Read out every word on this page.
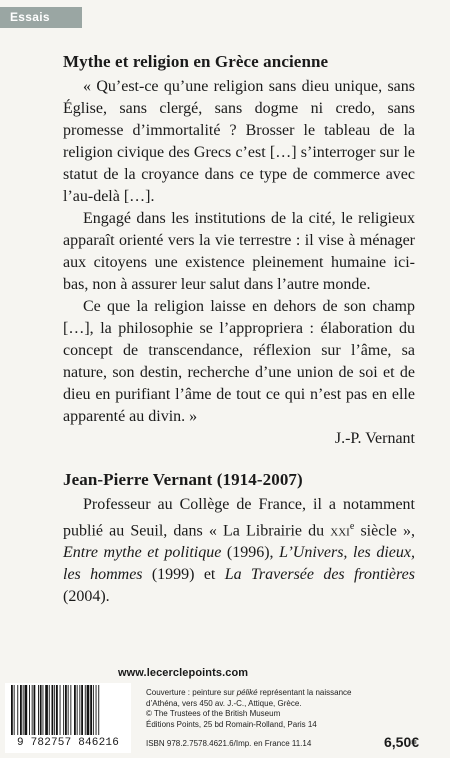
Essais
Mythe et religion en Grèce ancienne

« Qu’est-ce qu’une religion sans dieu unique, sans Église, sans clergé, sans dogme ni credo, sans promesse d’immortalité ? Brosser le tableau de la religion civique des Grecs c’est […] s’interroger sur le statut de la croyance dans ce type de commerce avec l’au-delà […].

Engagé dans les institutions de la cité, le religieux apparaît orienté vers la vie terrestre : il vise à ménager aux citoyens une existence pleinement humaine ici-bas, non à assurer leur salut dans l’autre monde.

Ce que la religion laisse en dehors de son champ […], la philosophie se l’appropriera : élaboration du concept de transcendance, réflexion sur l’âme, sa nature, son destin, recherche d’une union de soi et de dieu en purifiant l’âme de tout ce qui n’est pas en elle apparenté au divin. »

J.-P. Vernant

Jean-Pierre Vernant (1914-2007)

Professeur au Collège de France, il a notamment publié au Seuil, dans « La Librairie du xxi$^e$ siècle », Entre mythe et politique (1996), L’Univers, les dieux, les hommes (1999) et La Traversée des frontières (2004).

www.lecerclepoints.com
9 782757 846216
Couverture : peinture sur péliké représentant la naissance
d’Athéna, vers 450 av. J.-C., Attique, Grèce.
© The Trustees of the British Museum
Éditions Points, 25 bd Romain-Rolland, Paris 14
ISBN 978.2.7578.4621.6/Imp. en France 11.14	6,50€
